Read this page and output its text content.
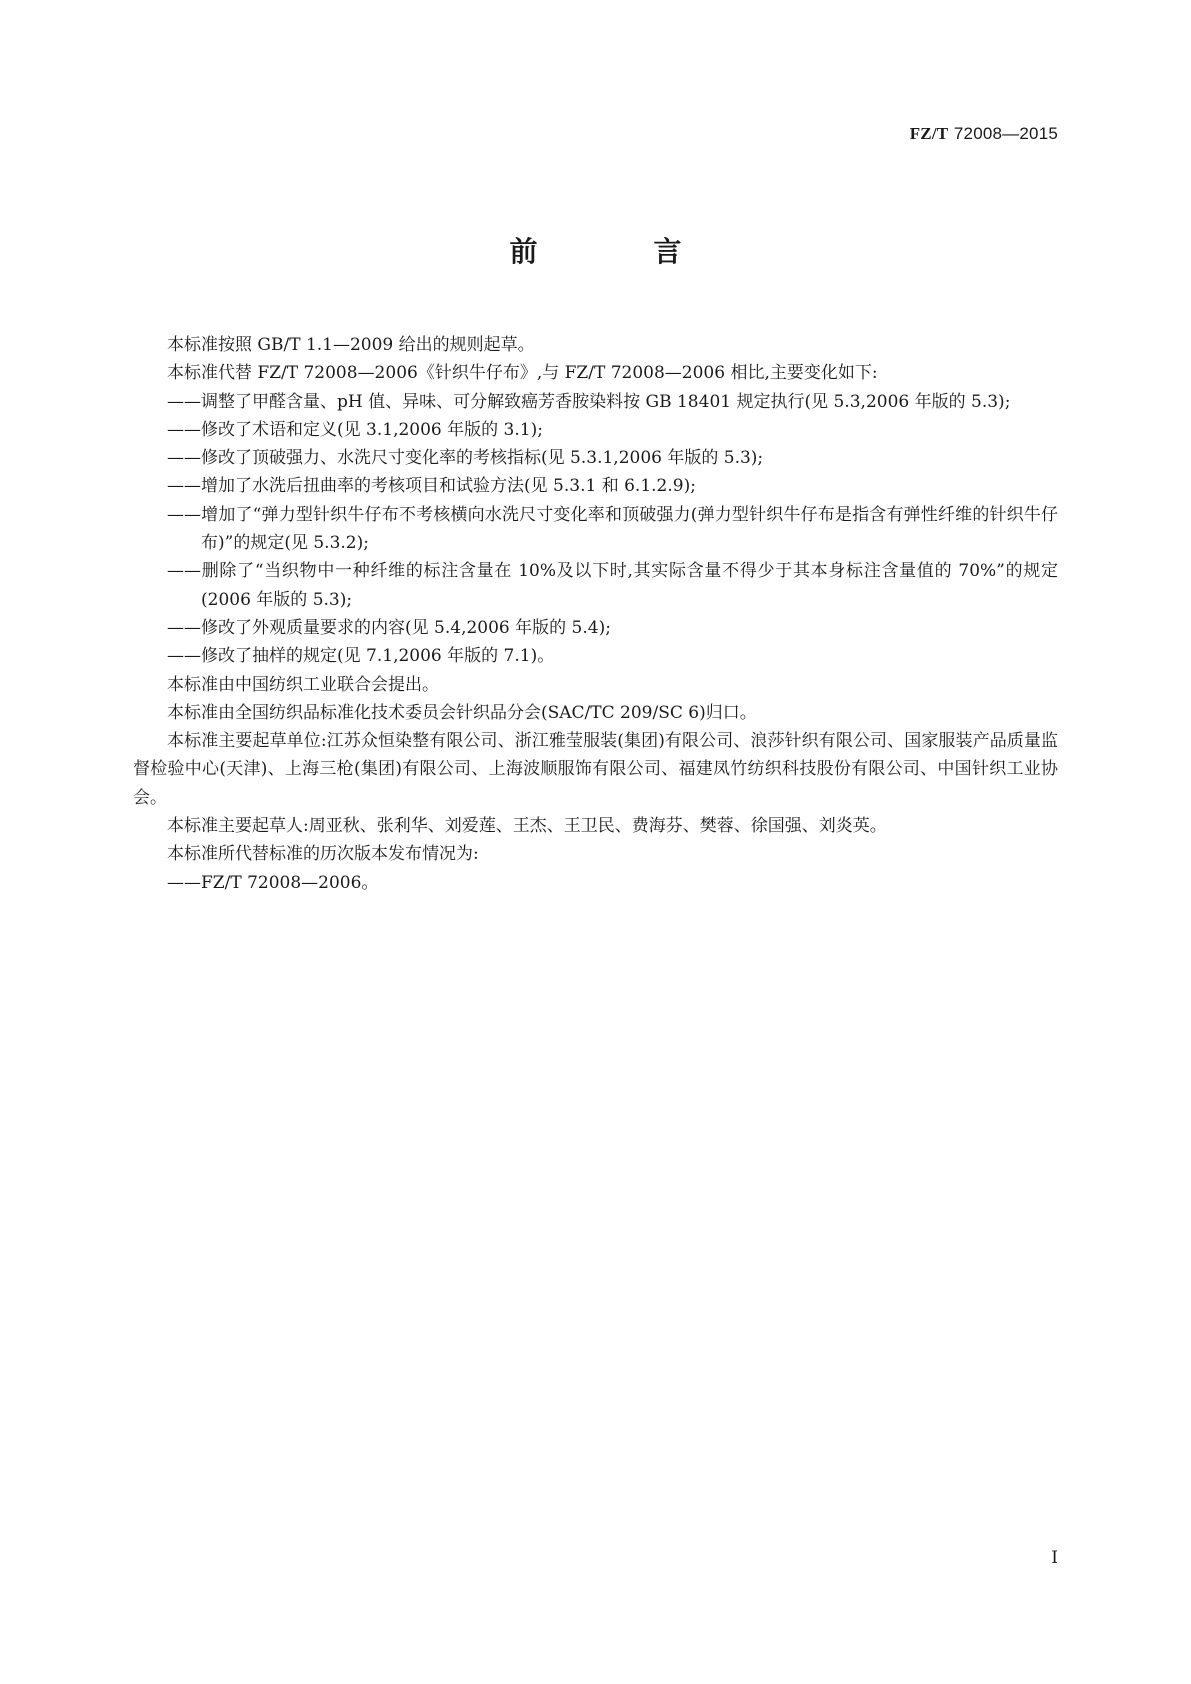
FZ/T 72008—2015
前　言

本标准按照 GB/T 1.1—2009 给出的规则起草。

本标准代替 FZ/T 72008—2006《针织牛仔布》,与 FZ/T 72008—2006 相比,主要变化如下:

——调整了甲醛含量、pH 值、异味、可分解致癌芳香胺染料按 GB 18401 规定执行(见 5.3,2006 年版的 5.3);

——修改了术语和定义(见 3.1,2006 年版的 3.1);

——修改了顶破强力、水洗尺寸变化率的考核指标(见 5.3.1,2006 年版的 5.3);

——增加了水洗后扭曲率的考核项目和试验方法(见 5.3.1 和 6.1.2.9);

——增加了“弹力型针织牛仔布不考核横向水洗尺寸变化率和顶破强力(弹力型针织牛仔布是指含有弹性纤维的针织牛仔布)”的规定(见 5.3.2);

——删除了“当织物中一种纤维的标注含量在 10%及以下时,其实际含量不得少于其本身标注含量值的 70%”的规定(2006 年版的 5.3);

——修改了外观质量要求的内容(见 5.4,2006 年版的 5.4);

——修改了抽样的规定(见 7.1,2006 年版的 7.1)。

本标准由中国纺织工业联合会提出。

本标准由全国纺织品标准化技术委员会针织品分会(SAC/TC 209/SC 6)归口。

本标准主要起草单位:江苏众恒染整有限公司、浙江雅莹服装(集团)有限公司、浪莎针织有限公司、国家服装产品质量监督检验中心(天津)、上海三枪(集团)有限公司、上海波顺服饰有限公司、福建凤竹纺织科技股份有限公司、中国针织工业协会。

本标准主要起草人:周亚秋、张利华、刘爱莲、王杰、王卫民、费海芬、樊蓉、徐国强、刘炎英。

本标准所代替标准的历次版本发布情况为:

——FZ/T 72008—2006。

I
